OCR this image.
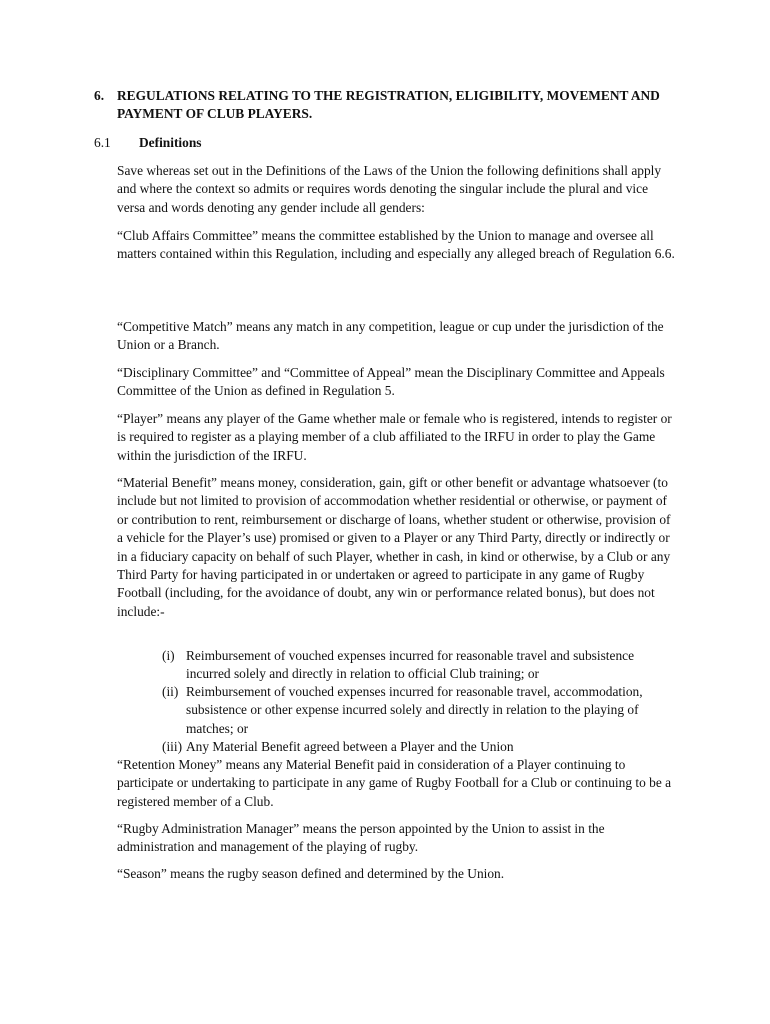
6. REGULATIONS RELATING TO THE REGISTRATION, ELIGIBILITY, MOVEMENT AND PAYMENT OF CLUB PLAYERS.
6.1 Definitions

Save whereas set out in the Definitions of the Laws of the Union the following definitions shall apply and where the context so admits or requires words denoting the singular include the plural and vice versa and words denoting any gender include all genders:

“Club Affairs Committee” means the committee established by the Union to manage and oversee all matters contained within this Regulation, including and especially any alleged breach of Regulation 6.6.

“Competitive Match” means any match in any competition, league or cup under the jurisdiction of the Union or a Branch.

“Disciplinary Committee” and “Committee of Appeal” mean the Disciplinary Committee and Appeals Committee of the Union as defined in Regulation 5.

“Player” means any player of the Game whether male or female who is registered, intends to register or is required to register as a playing member of a club affiliated to the IRFU in order to play the Game within the jurisdiction of the IRFU.

“Material Benefit” means money, consideration, gain, gift or other benefit or advantage whatsoever (to include but not limited to provision of accommodation whether residential or otherwise, or payment of or contribution to rent, reimbursement or discharge of loans, whether student or otherwise, provision of a vehicle for the Player’s use) promised or given to a Player or any Third Party, directly or indirectly or in a fiduciary capacity on behalf of such Player, whether in cash, in kind or otherwise, by a Club or any Third Party for having participated in or undertaken or agreed to participate in any game of Rugby Football (including, for the avoidance of doubt, any win or performance related bonus), but does not include:-

(i) Reimbursement of vouched expenses incurred for reasonable travel and subsistence incurred solely and directly in relation to official Club training; or
(ii) Reimbursement of vouched expenses incurred for reasonable travel, accommodation, subsistence or other expense incurred solely and directly in relation to the playing of matches; or
(iii) Any Material Benefit agreed between a Player and the Union

“Retention Money” means any Material Benefit paid in consideration of a Player continuing to participate or undertaking to participate in any game of Rugby Football for a Club or continuing to be a registered member of a Club.

“Rugby Administration Manager” means the person appointed by the Union to assist in the administration and management of the playing of rugby.

“Season” means the rugby season defined and determined by the Union.
